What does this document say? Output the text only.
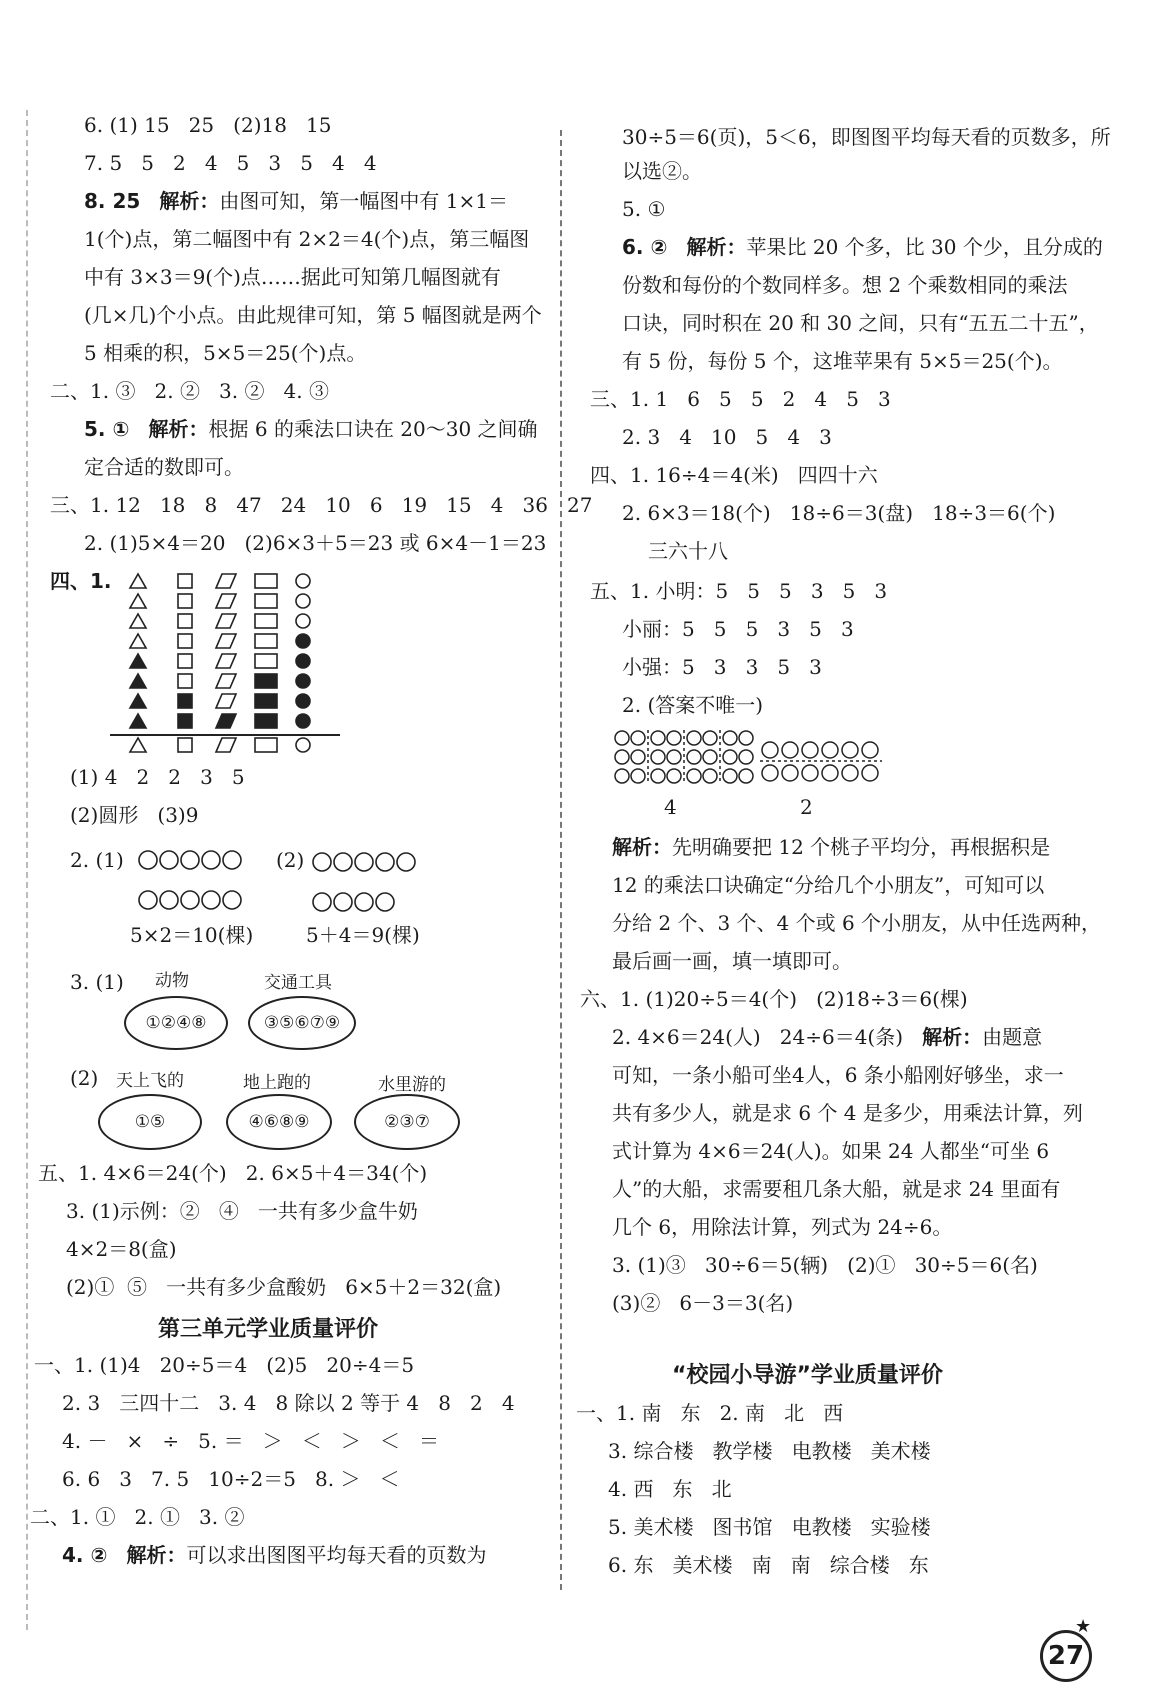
6. (1) 15   25   (2)18   15
7. 5   5   2   4   5   3   5   4   4
8. 25 解析：由图可知，第一幅图中有 1×1＝
1(个)点，第二幅图中有 2×2＝4(个)点，第三幅图
中有 3×3＝9(个)点……据此可知第几幅图就有
(几×几)个小点。由此规律可知，第 5 幅图就是两个
5 相乘的积，5×5＝25(个)点。
二、1. ③   2. ②   3. ②   4. ③
5. ① 解析：根据 6 的乘法口诀在 20～30 之间确
定合适的数即可。
三、1. 12   18   8   47   24   10   6   19   15   4   36   27
2. (1)5×4＝20   (2)6×3＋5＝23 或 6×4－1＝23
四、1.
(1) 4   2   2   3   5
(2)圆形   (3)9
2. (1)	(2)
5×2＝10(棵)	5＋4＝9(棵)
3. (1) 动物	交通工具
①②④⑧	③⑤⑥⑦⑨
(2) 天上飞的	地上跑的	水里游的
①⑤	④⑥⑧⑨	②③⑦
五、1. 4×6＝24(个)   2. 6×5＋4＝34(个)
3. (1)示例：②   ④   一共有多少盒牛奶
4×2＝8(盒)
(2)①  ⑤   一共有多少盒酸奶   6×5＋2＝32(盒)
第三单元学业质量评价
一、1. (1)4   20÷5＝4   (2)5   20÷4＝5
2. 3   三四十二   3. 4   8 除以 2 等于 4   8   2   4
4. －   ×   ÷   5. ＝   ＞   ＜   ＞   ＜   ＝
6. 6   3   7. 5   10÷2＝5   8. ＞   ＜
二、1. ①   2. ①   3. ②
4. ② 解析：可以求出图图平均每天看的页数为
30÷5＝6(页)，5＜6，即图图平均每天看的页数多，所
以选②。
5. ①
6. ② 解析：苹果比 20 个多，比 30 个少，且分成的
份数和每份的个数同样多。想 2 个乘数相同的乘法
口诀，同时积在 20 和 30 之间，只有“五五二十五”，
有 5 份，每份 5 个，这堆苹果有 5×5＝25(个)。
三、1. 1   6   5   5   2   4   5   3
2. 3   4   10   5   4   3
四、1. 16÷4＝4(米)   四四十六
2. 6×3＝18(个)   18÷6＝3(盘)   18÷3＝6(个)
三六十八
五、1. 小明：5   5   5   3   5   3
小丽：5   5   5   3   5   3
小强：5   3   3   5   3
2. (答案不唯一)
4	2
解析：先明确要把 12 个桃子平均分，再根据积是
12 的乘法口诀确定“分给几个小朋友”，可知可以
分给 2 个、3 个、4 个或 6 个小朋友，从中任选两种，
最后画一画，填一填即可。
六、1. (1)20÷5＝4(个)   (2)18÷3＝6(棵)
2. 4×6＝24(人)   24÷6＝4(条) 解析：由题意
可知，一条小船可坐4人，6 条小船刚好够坐，求一
共有多少人，就是求 6 个 4 是多少，用乘法计算，列
式计算为 4×6＝24(人)。如果 24 人都坐“可坐 6
人”的大船，求需要租几条大船，就是求 24 里面有
几个 6，用除法计算，列式为 24÷6。
3. (1)③   30÷6＝5(辆)   (2)①   30÷5＝6(名)
(3)②   6－3＝3(名)
“校园小导游”学业质量评价
一、1. 南   东   2. 南   北   西
3. 综合楼   教学楼   电教楼   美术楼
4. 西   东   北
5. 美术楼   图书馆   电教楼   实验楼
6. 东   美术楼   南   南   综合楼   东
27
★
